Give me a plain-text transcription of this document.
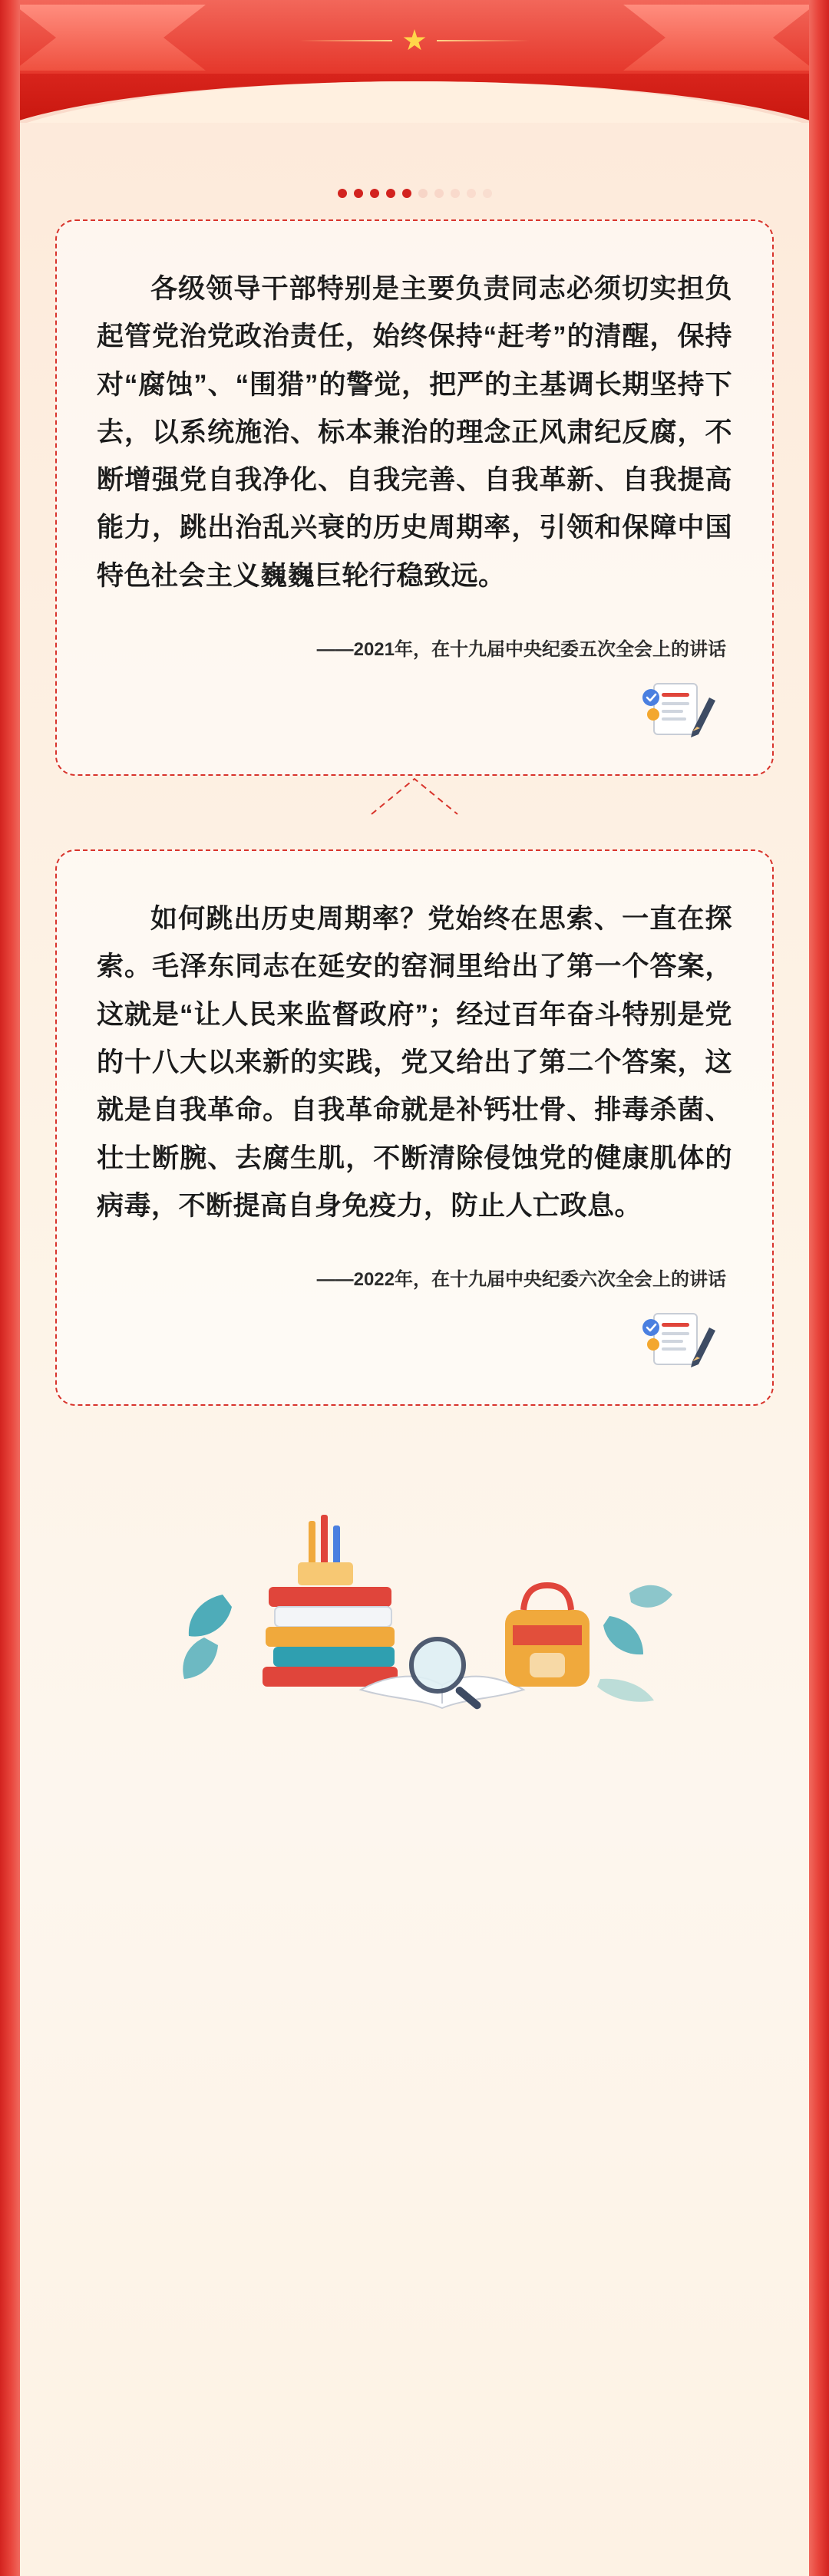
各级领导干部特别是主要负责同志必须切实担负起管党治党政治责任，始终保持“赶考”的清醒，保持对“腐蚀”、“围猎”的警觉，把严的主基调长期坚持下去，以系统施治、标本兼治的理念正风肃纪反腐，不断增强党自我净化、自我完善、自我革新、自我提高能力，跳出治乱兴衰的历史周期率，引领和保障中国特色社会主义巍巍巨轮行稳致远。

——2021年，在十九届中央纪委五次全会上的讲话

如何跳出历史周期率？党始终在思索、一直在探索。毛泽东同志在延安的窑洞里给出了第一个答案，这就是“让人民来监督政府”；经过百年奋斗特别是党的十八大以来新的实践，党又给出了第二个答案，这就是自我革命。自我革命就是补钙壮骨、排毒杀菌、壮士断腕、去腐生肌，不断清除侵蚀党的健康肌体的病毒，不断提高自身免疫力，防止人亡政息。

——2022年，在十九届中央纪委六次全会上的讲话
